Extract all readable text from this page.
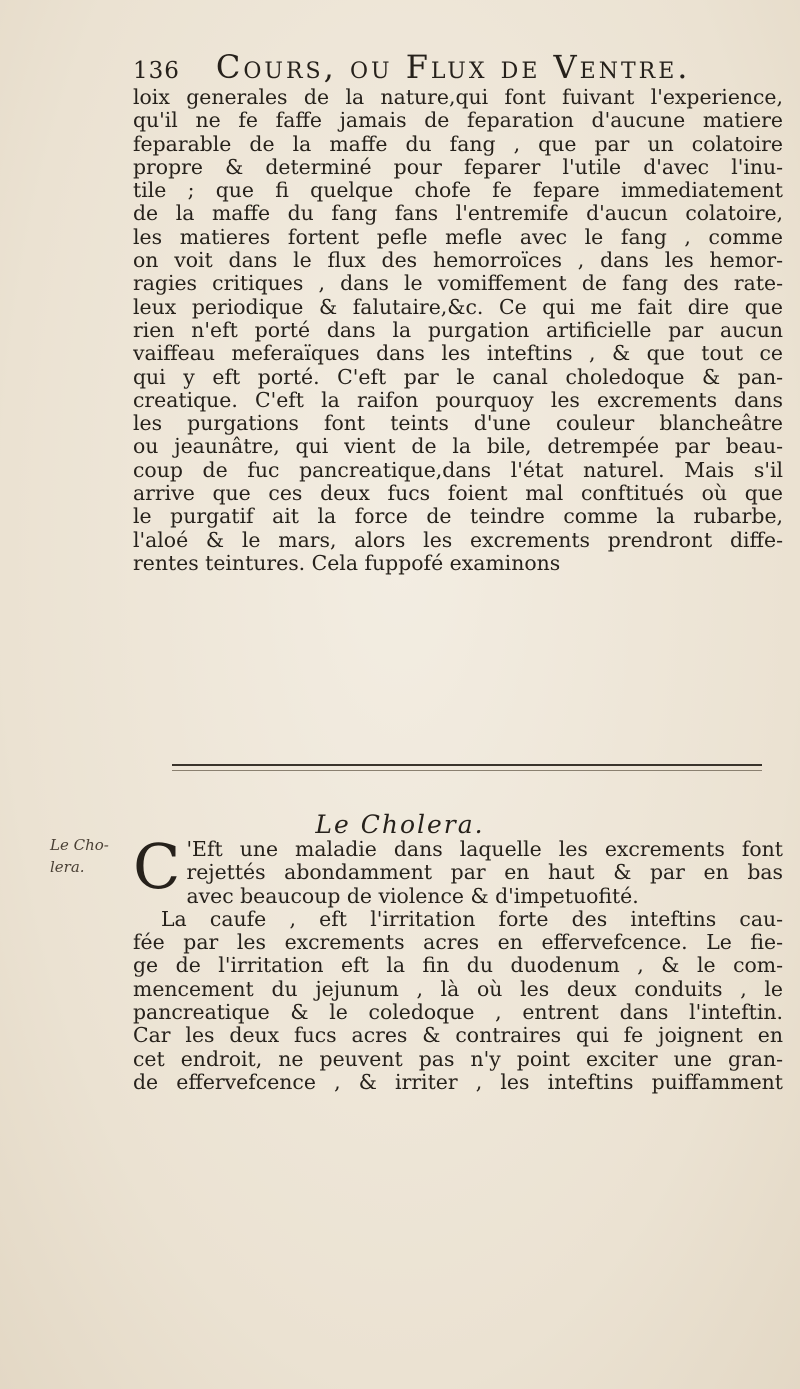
136 Cours, ou Flux de Ventre.
loix generales de la nature,qui font fuivant l'experience,
qu'il ne fe faffe jamais de feparation d'aucune matiere
feparable de la maffe du fang , que par un colatoire
propre & determiné pour feparer l'utile d'avec l'inu-
tile ; que fi quelque chofe fe fepare immediatement
de la maffe du fang fans l'entremife d'aucun colatoire,
les matieres fortent pefle mefle avec le fang , comme
on voit dans le flux des hemorroïces , dans les hemor-
ragies critiques , dans le vomiffement de fang des rate-
leux periodique & falutaire,&c. Ce qui me fait dire que
rien n'eft porté dans la purgation artificielle par aucun
vaiffeau meferaïques dans les inteftins , & que tout ce
qui y eft porté. C'eft par le canal choledoque & pan-
creatique. C'eft la raifon pourquoy les excrements dans
les purgations font teints d'une couleur blancheâtre
ou jeaunâtre, qui vient de la bile, detrempée par beau-
coup de fuc pancreatique,dans l'état naturel. Mais s'il
arrive que ces deux fucs foient mal conftitués où que
le purgatif ait la force de teindre comme la rubarbe,
l'aloé & le mars, alors les excrements prendront diffe-
rentes teintures. Cela fuppofé examinons
Le Cholera.
Le Cho-lera. C 'Eft une maladie dans laquelle les excrements font
rejettés abondamment par en haut & par en bas
avec beaucoup de violence & d'impetuofité.
La caufe , eft l'irritation forte des inteftins cau-
fée par les excrements acres en effervefcence. Le fie-
ge de l'irritation eft la fin du duodenum , & le com-
mencement du jejunum , là où les deux conduits , le
pancreatique & le coledoque , entrent dans l'inteftin.
Car les deux fucs acres & contraires qui fe joignent en
cet endroit, ne peuvent pas n'y point exciter une gran-
de effervefcence , & irriter , les inteftins puiffamment
